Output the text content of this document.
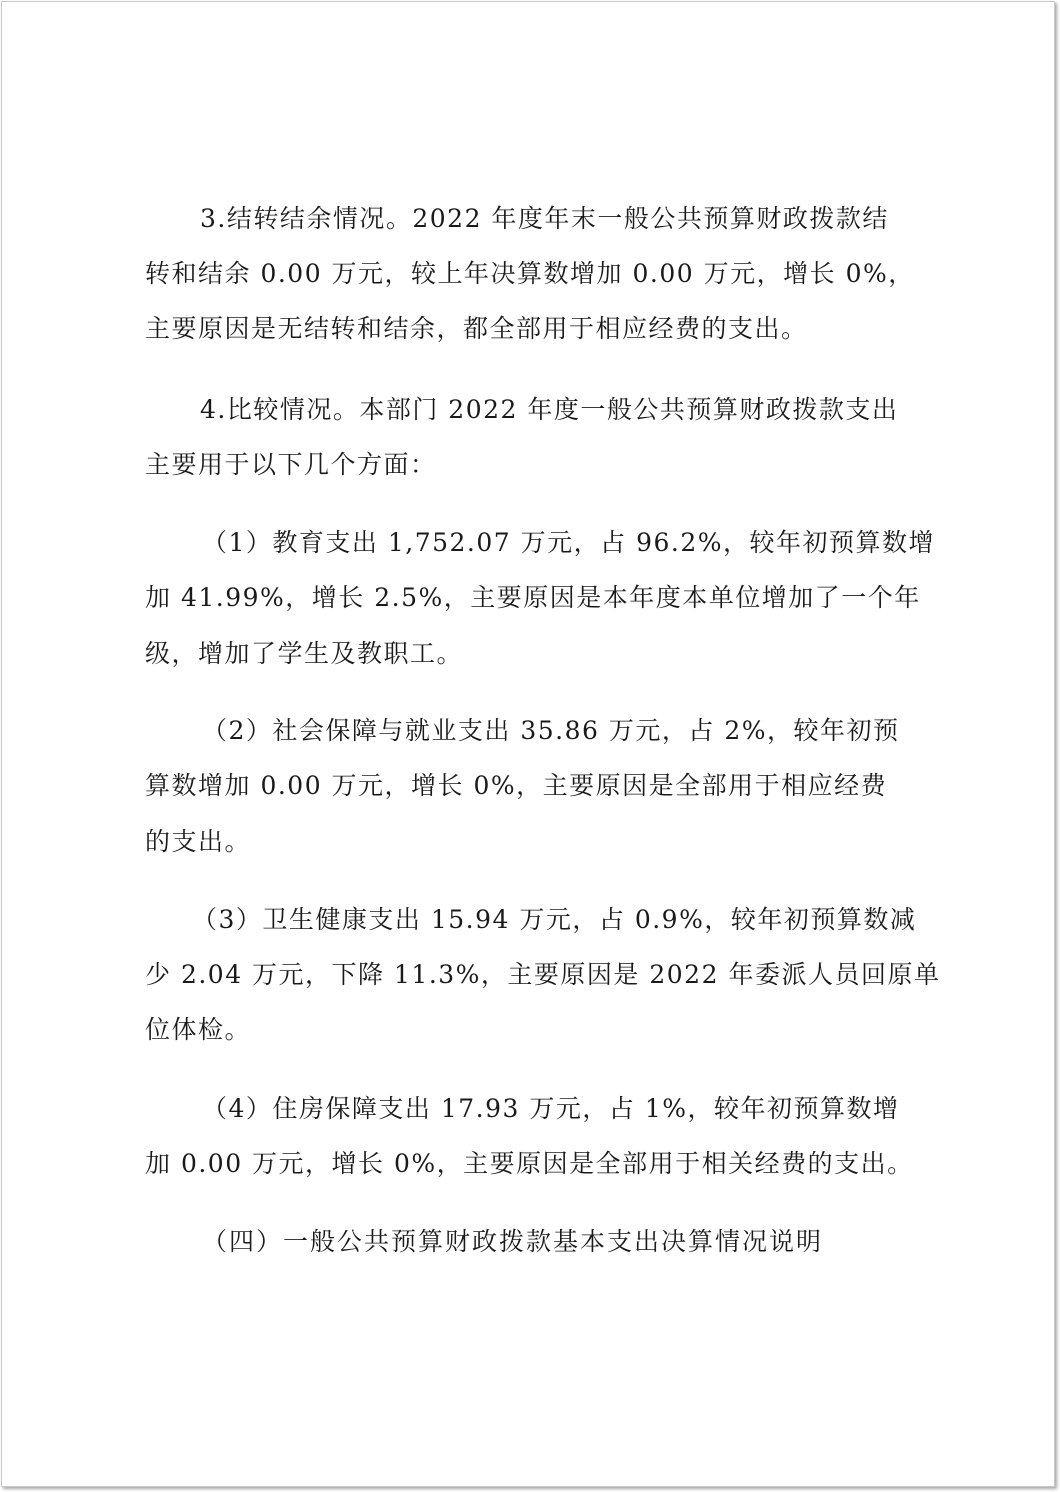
3.结转结余情况。2022 年度年末一般公共预算财政拨款结

转和结余 0.00 万元，较上年决算数增加 0.00 万元，增长 0%，

主要原因是无结转和结余，都全部用于相应经费的支出。

4.比较情况。本部门 2022 年度一般公共预算财政拨款支出

主要用于以下几个方面：

（1）教育支出 1,752.07 万元，占 96.2%，较年初预算数增

加 41.99%，增长 2.5%，主要原因是本年度本单位增加了一个年

级，增加了学生及教职工。

（2）社会保障与就业支出 35.86 万元，占 2%，较年初预

算数增加 0.00 万元，增长 0%，主要原因是全部用于相应经费

的支出。

（3）卫生健康支出 15.94 万元，占 0.9%，较年初预算数减

少 2.04 万元，下降 11.3%，主要原因是 2022 年委派人员回原单

位体检。

（4）住房保障支出 17.93 万元，占 1%，较年初预算数增

加 0.00 万元，增长 0%，主要原因是全部用于相关经费的支出。

（四）一般公共预算财政拨款基本支出决算情况说明
